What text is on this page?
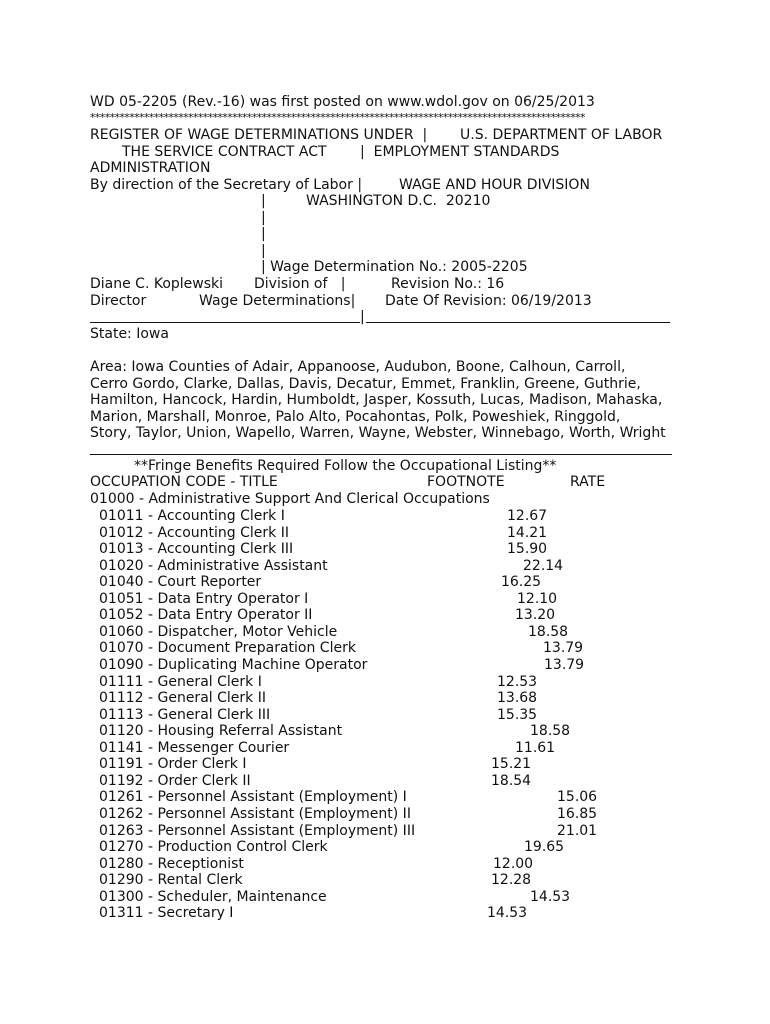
WD 05-2205 (Rev.-16) was first posted on www.wdol.gov on 06/25/2013
*****************************************************************************************************
REGISTER OF WAGE DETERMINATIONS UNDER  | U.S. DEPARTMENT OF LABOR
THE SERVICE CONTRACT ACT |  EMPLOYMENT STANDARDS
ADMINISTRATION
By direction of the Secretary of Labor |	WAGE AND HOUR DIVISION
|	WASHINGTON D.C.  20210
|
|
|
| Wage Determination No.: 2005-2205
Diane C. Koplewski Division of   |	Revision No.: 16
Director	Wage Determinations| Date Of Revision: 06/19/2013
|
State: Iowa
Area: Iowa Counties of Adair, Appanoose, Audubon, Boone, Calhoun, Carroll,
Cerro Gordo, Clarke, Dallas, Davis, Decatur, Emmet, Franklin, Greene, Guthrie,
Hamilton, Hancock, Hardin, Humboldt, Jasper, Kossuth, Lucas, Madison, Mahaska,
Marion, Marshall, Monroe, Palo Alto, Pocahontas, Polk, Poweshiek, Ringgold,
Story, Taylor, Union, Wapello, Warren, Wayne, Webster, Winnebago, Worth, Wright
**Fringe Benefits Required Follow the Occupational Listing**
OCCUPATION CODE - TITLE	FOOTNOTE	RATE
01000 - Administrative Support And Clerical Occupations
01011 - Accounting Clerk I	12.67
01012 - Accounting Clerk II	14.21
01013 - Accounting Clerk III	15.90
01020 - Administrative Assistant	22.14
01040 - Court Reporter	16.25
01051 - Data Entry Operator I	12.10
01052 - Data Entry Operator II	13.20
01060 - Dispatcher, Motor Vehicle	18.58
01070 - Document Preparation Clerk	13.79
01090 - Duplicating Machine Operator	13.79
01111 - General Clerk I	12.53
01112 - General Clerk II	13.68
01113 - General Clerk III	15.35
01120 - Housing Referral Assistant	18.58
01141 - Messenger Courier	11.61
01191 - Order Clerk I	15.21
01192 - Order Clerk II	18.54
01261 - Personnel Assistant (Employment) I	15.06
01262 - Personnel Assistant (Employment) II	16.85
01263 - Personnel Assistant (Employment) III	21.01
01270 - Production Control Clerk	19.65
01280 - Receptionist	12.00
01290 - Rental Clerk	12.28
01300 - Scheduler, Maintenance	14.53
01311 - Secretary I	14.53
